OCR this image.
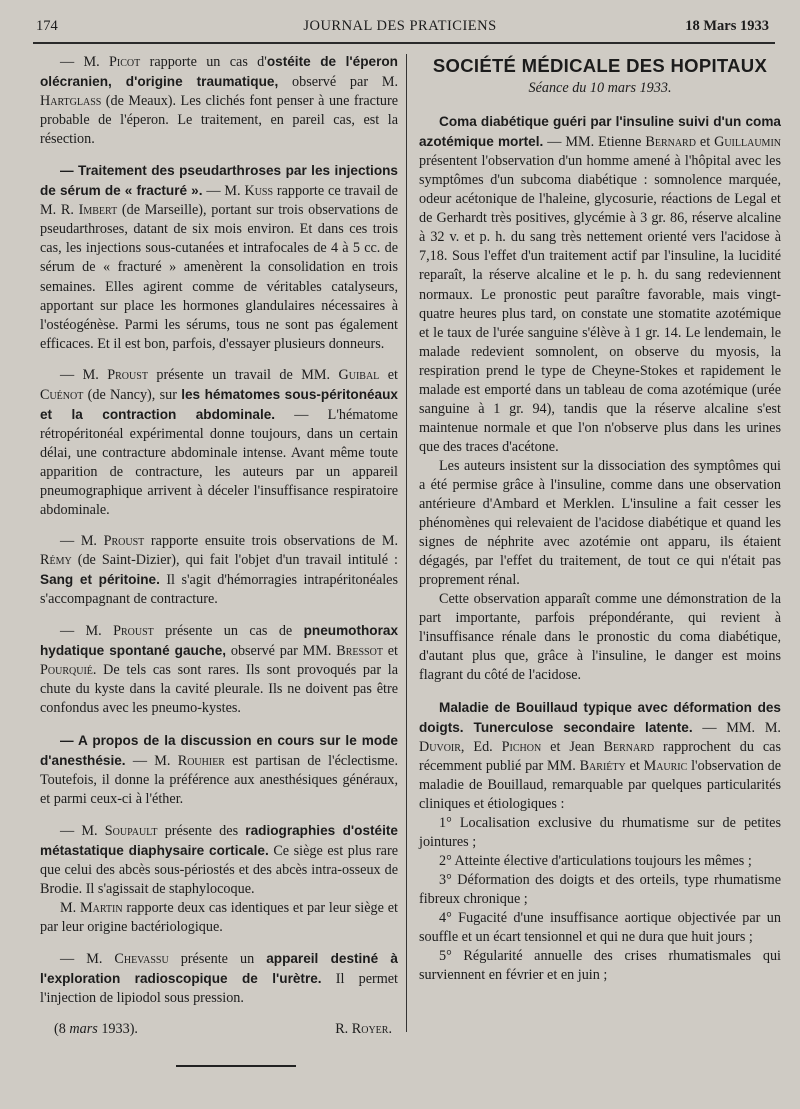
174	JOURNAL DES PRATICIENS	18 Mars 1933

— M. Picot rapporte un cas d'ostéite de l'éperon olécranien, d'origine traumatique, observé par M. Hartglass (de Meaux). Les clichés font penser à une fracture probable de l'éperon. Le traitement, en pareil cas, est la résection.

— Traitement des pseudarthroses par les injections de sérum de « fracturé ». — M. Kuss rapporte ce travail de M. R. Imbert (de Marseille), portant sur trois observations de pseudarthroses, datant de six mois environ. Et dans ces trois cas, les injections sous-cutanées et intrafocales de 4 à 5 cc. de sérum de « fracturé » amenèrent la consolidation en trois semaines. Elles agirent comme de véritables catalyseurs, apportant sur place les hormones glandulaires nécessaires à l'ostéogénèse. Parmi les sérums, tous ne sont pas également efficaces. Et il est bon, parfois, d'essayer plusieurs donneurs.

— M. Proust présente un travail de MM. Guibal et Cuénot (de Nancy), sur les hématomes sous-péritonéaux et la contraction abdominale. — L'hématome rétropéritonéal expérimental donne toujours, dans un certain délai, une contracture abdominale intense. Avant même toute apparition de contracture, les auteurs par un appareil pneumographique arrivent à déceler l'insuffisance respiratoire abdominale.

— M. Proust rapporte ensuite trois observations de M. Rémy (de Saint-Dizier), qui fait l'objet d'un travail intitulé : Sang et péritoine. Il s'agit d'hémorragies intrapéritonéales s'accompagnant de contracture.

— M. Proust présente un cas de pneumothorax hydatique spontané gauche, observé par MM. Bressot et Pourquié. De tels cas sont rares. Ils sont provoqués par la chute du kyste dans la cavité pleurale. Ils ne doivent pas être confondus avec les pneumo-kystes.

— A propos de la discussion en cours sur le mode d'anesthésie. — M. Rouhier est partisan de l'éclectisme. Toutefois, il donne la préférence aux anesthésiques généraux, et parmi ceux-ci à l'éther.

— M. Soupault présente des radiographies d'ostéite métastatique diaphysaire corticale. Ce siège est plus rare que celui des abcès sous-périostés et des abcès intra-osseux de Brodie. Il s'agissait de staphylocoque.

M. Martin rapporte deux cas identiques et par leur siège et par leur origine bactériologique.

— M. Chevassu présente un appareil destiné à l'exploration radioscopique de l'urètre. Il permet l'injection de lipiodol sous pression.

(8 mars 1933).	R. Royer.
SOCIÉTÉ MÉDICALE DES HOPITAUX
Séance du 10 mars 1933.

Coma diabétique guéri par l'insuline suivi d'un coma azotémique mortel. — MM. Etienne Bernard et Guillaumin présentent l'observation d'un homme amené à l'hôpital avec les symptômes d'un subcoma diabétique : somnolence marquée, odeur acétonique de l'haleine, glycosurie, réactions de Legal et de Gerhardt très positives, glycémie à 3 gr. 86, réserve alcaline à 32 v. et p. h. du sang très nettement orienté vers l'acidose à 7,18. Sous l'effet d'un traitement actif par l'insuline, la lucidité reparaît, la réserve alcaline et le p. h. du sang redeviennent normaux. Le pronostic peut paraître favorable, mais vingt-quatre heures plus tard, on constate une stomatite azotémique et le taux de l'urée sanguine s'élève à 1 gr. 14. Le lendemain, le malade redevient somnolent, on observe du myosis, la respiration prend le type de Cheyne-Stokes et rapidement le malade est emporté dans un tableau de coma azotémique (urée sanguine à 1 gr. 94), tandis que la réserve alcaline s'est maintenue normale et que l'on n'observe plus dans les urines que des traces d'acétone.

Les auteurs insistent sur la dissociation des symptômes qui a été permise grâce à l'insuline, comme dans une observation antérieure d'Ambard et Merklen. L'insuline a fait cesser les phénomènes qui relevaient de l'acidose diabétique et quand les signes de néphrite avec azotémie ont apparu, ils étaient dégagés, par l'effet du traitement, de tout ce qui n'était pas proprement rénal.

Cette observation apparaît comme une démonstration de la part importante, parfois prépondérante, qui revient à l'insuffisance rénale dans le pronostic du coma diabétique, d'autant plus que, grâce à l'insuline, le danger est moins flagrant du côté de l'acidose.

Maladie de Bouillaud typique avec déformation des doigts. Tunerculose secondaire latente. — MM. M. Duvoir, Ed. Pichon et Jean Bernard rapprochent du cas récemment publié par MM. Bariéty et Mauric l'observation de maladie de Bouillaud, remarquable par quelques particularités cliniques et étiologiques :

1° Localisation exclusive du rhumatisme sur de petites jointures ;

2° Atteinte élective d'articulations toujours les mêmes ;

3° Déformation des doigts et des orteils, type rhumatisme fibreux chronique ;

4° Fugacité d'une insuffisance aortique objectivée par un souffle et un écart tensionnel et qui ne dura que huit jours ;

5° Régularité annuelle des crises rhumatismales qui surviennent en février et en juin ;
